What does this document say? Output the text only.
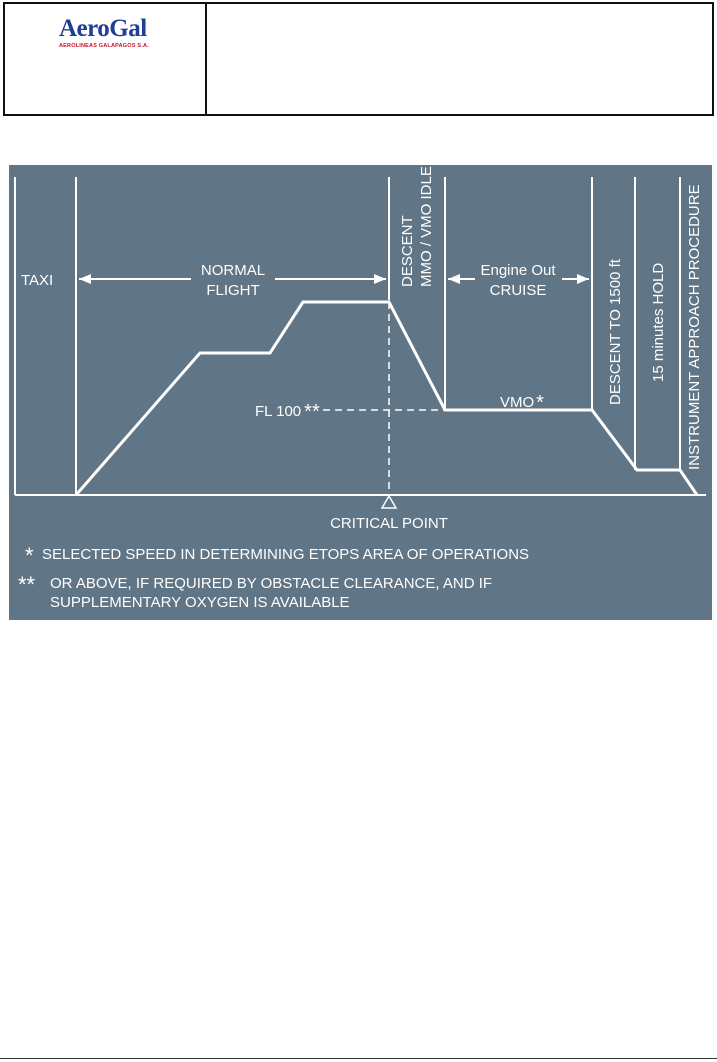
AeroGal
AEROLINEAS GALAPAGOS S.A.
TAXI
NORMAL
FLIGHT
Engine Out
CRUISE
DESCENT MMO / VMO IDLE
DESCENT TO 1500 ft 15 minutes HOLD INSTRUMENT APPROACH PROCEDURE
FL 100 **	VMO *
CRITICAL POINT
* SELECTED SPEED IN DETERMINING ETOPS AREA OF OPERATIONS
** OR ABOVE, IF REQUIRED BY OBSTACLE CLEARANCE, AND IF
SUPPLEMENTARY OXYGEN IS AVAILABLE
